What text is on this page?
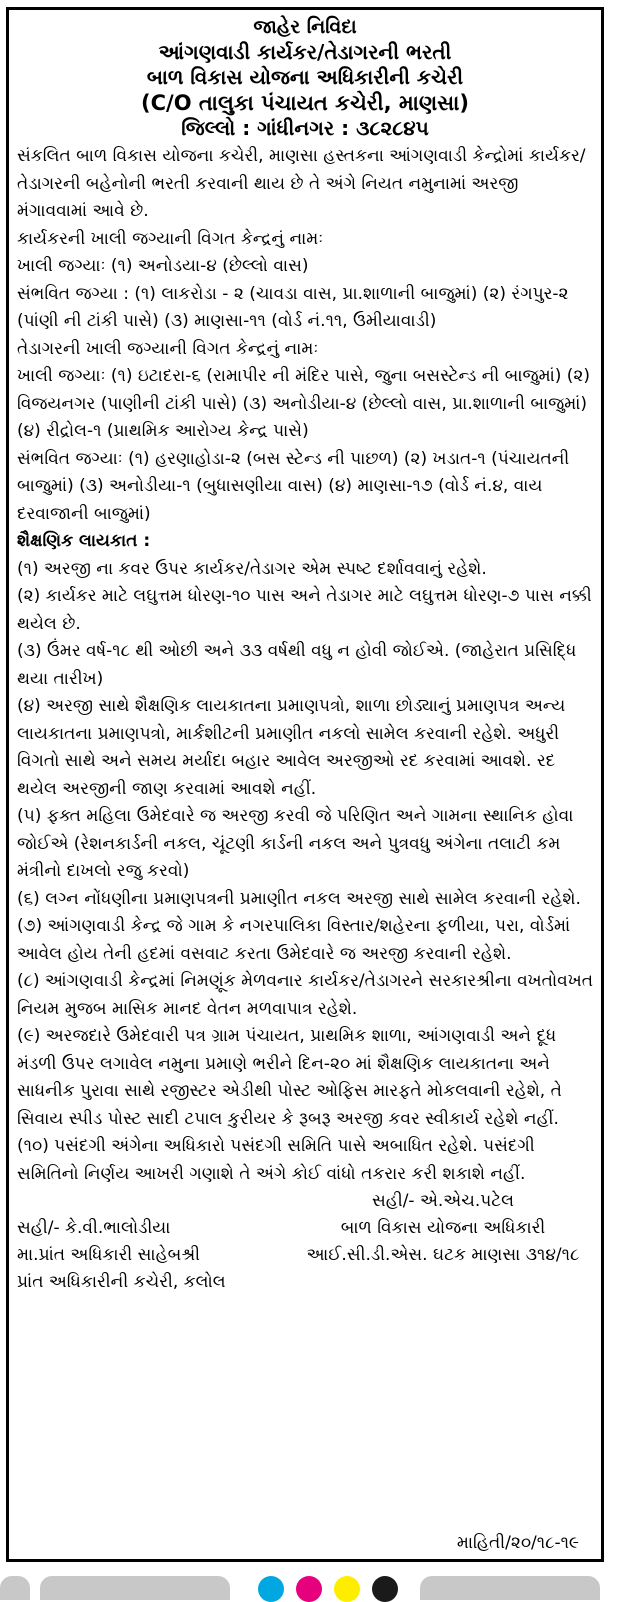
જાહેર નિવિદા
આંગણવાડી કાર્યકર/તેડાગરની ભરતી
બાળ વિકાસ યોજના અધિકારીની કચેરી
(C/O તાલુકા પંચાયત કચેરી, માણસા)
જિલ્લો : ગાંધીનગર : ૩૮૨૮૪૫

સંકલિત બાળ વિકાસ યોજના કચેરી, માણસા હસ્તકના આંગણવાડી કેન્દ્રોમાં કાર્યકર/તેડાગરની બહેનોની ભરતી કરવાની થાય છે તે અંગે નિયત નમુનામાં અરજી મંગાવવામાં આવે છે.

કાર્યકરની ખાલી જગ્યાની વિગત કેન્દ્રનું નામઃ

ખાલી જગ્યાઃ (૧) અનોડયા-૪ (છેલ્લો વાસ)

સંભવિત જગ્યા : (૧) લાકરોડા - ૨ (ચાવડા વાસ, પ્રા.શાળાની બાજુમાં) (૨) રંગપુર-૨ (પાંણી ની ટાંકી પાસે) (૩) માણસા-૧૧ (વોર્ડ નં.૧૧, ઉમીયાવાડી)

તેડાગરની ખાલી જગ્યાની વિગત કેન્દ્રનું નામઃ

ખાલી જગ્યાઃ (૧) ઇટાદરા-૬ (રામાપીર ની મંદિર પાસે, જુના બસસ્ટેન્ડ ની બાજુમાં) (૨) વિજયનગર (પાણીની ટાંકી પાસે) (૩) અનોડીયા-૪ (છેલ્લો વાસ, પ્રા.શાળાની બાજુમાં) (૪) રીદ્રોલ-૧ (પ્રાથમિક આરોગ્ય કેન્દ્ર પાસે)

સંભવિત જગ્યાઃ (૧) હરણાહોડા-૨ (બસ સ્ટેન્ડ ની પાછળ) (૨) ખડાત-૧ (પંચાયતની બાજુમાં) (૩) અનોડીયા-૧ (બુધાસણીયા વાસ) (૪) માણસા-૧૭ (વોર્ડ નં.૪, વાય દરવાજાની બાજુમાં)

શૈક્ષણિક લાયકાત :

(૧) અરજી ના કવર ઉપર કાર્યકર/તેડાગર એમ સ્પષ્ટ દર્શાવવાનું રહેશે.

(૨) કાર્યકર માટે લઘુત્તમ ધોરણ-૧૦ પાસ અને તેડાગર માટે લઘુત્તમ ધોરણ-૭ પાસ નક્કી થયેલ છે.

(૩) ઉંમર વર્ષ-૧૮ થી ઓછી અને ૩૩ વર્ષથી વધુ ન હોવી જોઈએ. (જાહેરાત પ્રસિદ્ધિ થયા તારીખ)

(૪) અરજી સાથે શૈક્ષણિક લાયકાતના પ્રમાણપત્રો, શાળા છોડ્યાનું પ્રમાણપત્ર અન્ય લાયકાતના પ્રમાણપત્રો, માર્કશીટની પ્રમાણીત નકલો સામેલ કરવાની રહેશે. અધુરી વિગતો સાથે અને સમય મર્યાદા બહાર આવેલ અરજીઓ રદ કરવામાં આવશે. રદ થયેલ અરજીની જાણ કરવામાં આવશે નહીં.

(૫) ફક્ત મહિલા ઉમેદવારે જ અરજી કરવી જે પરિણિત અને ગામના સ્થાનિક હોવા જોઈએ (રેશનકાર્ડની નકલ, ચૂંટણી કાર્ડની નકલ અને પુત્રવધુ અંગેના તલાટી કમ મંત્રીનો દાખલો રજુ કરવો)

(૬) લગ્ન નોંધણીના પ્રમાણપત્રની પ્રમાણીત નકલ અરજી સાથે સામેલ કરવાની રહેશે.

(૭) આંગણવાડી કેન્દ્ર જે ગામ કે નગરપાલિકા વિસ્તાર/શહેરના ફળીયા, પરા, વોર્ડમાં આવેલ હોય તેની હદમાં વસવાટ કરતા ઉમેદવારે જ અરજી કરવાની રહેશે.

(૮) આંગણવાડી કેન્દ્રમાં નિમણૂંક મેળવનાર કાર્યકર/તેડાગરને સરકારશ્રીના વખતોવખત નિયમ મુજબ માસિક માનદ વેતન મળવાપાત્ર રહેશે.

(૯) અરજદારે ઉમેદવારી પત્ર ગ્રામ પંચાયત, પ્રાથમિક શાળા, આંગણવાડી અને દૂધ મંડળી ઉપર લગાવેલ નમુના પ્રમાણે ભરીને દિન-૨૦ માં શૈક્ષણિક લાયકાતના અને સાધનીક પુરાવા સાથે રજીસ્ટર એડીથી પોસ્ટ ઓફિસ મારફતે મોકલવાની રહેશે, તે સિવાય સ્પીડ પોસ્ટ સાદી ટપાલ કુરીયર કે રૂબરૂ અરજી કવર સ્વીકાર્ય રહેશે નહીં.

(૧૦) પસંદગી અંગેના અધિકારો પસંદગી સમિતિ પાસે અબાધિત રહેશે. પસંદગી સમિતિનો નિર્ણય આખરી ગણાશે તે અંગે કોઈ વાંધો તકરાર કરી શકાશે નહીં.

સહી/- એ.એચ.પટેલ
સહી/- કે.વી.ભાલોડીયા	બાળ વિકાસ યોજના અધિકારી
મા.પ્રાંત અધિકારી સાહેબશ્રી	આઈ.સી.ડી.એસ. ઘટક માણસા ૩૧૪/૧૮
પ્રાંત અધિકારીની કચેરી, કલોલ
માહિતી/૨૦/૧૮-૧૯
